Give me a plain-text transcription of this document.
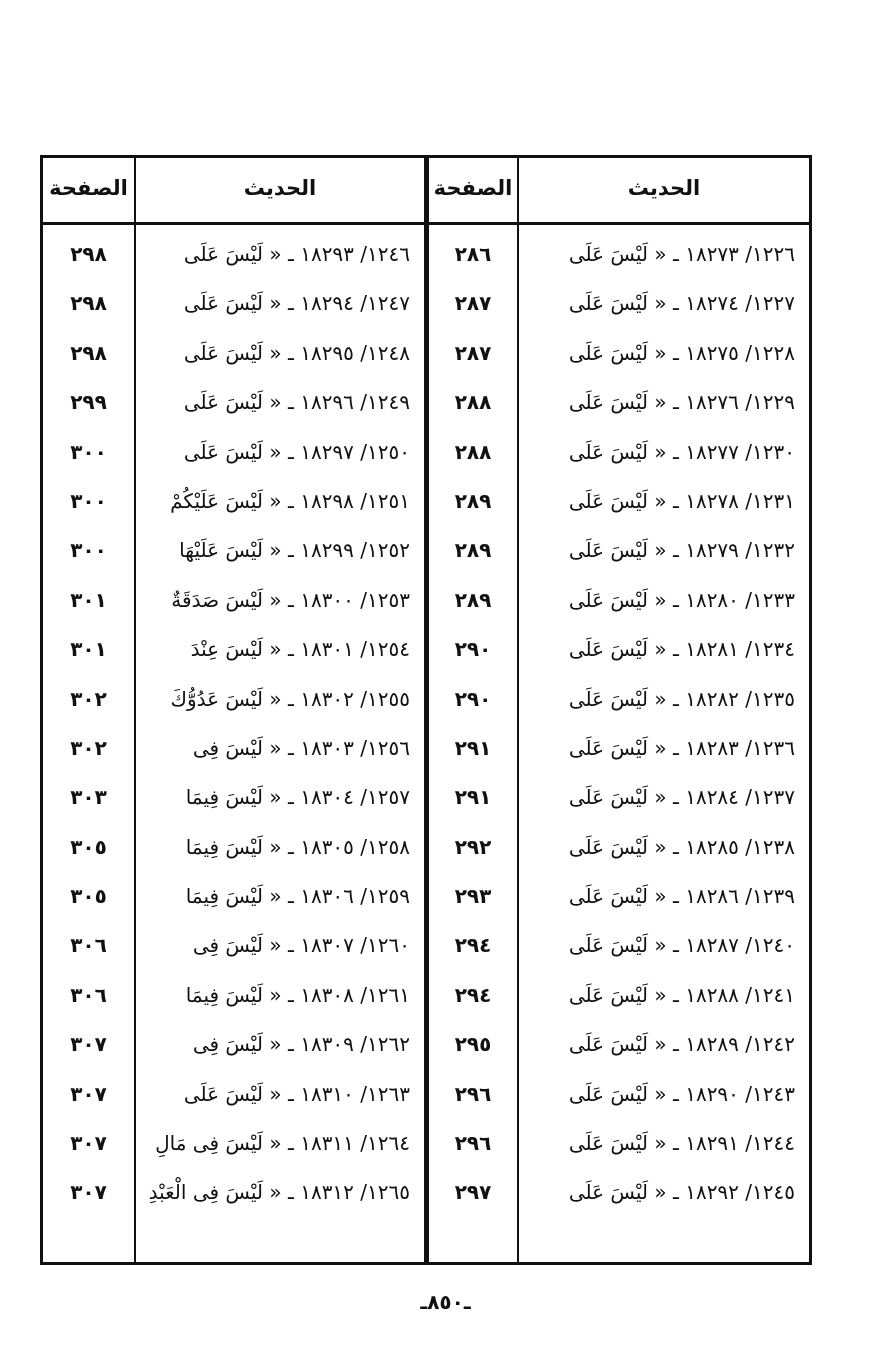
الحديث
١٢٢٦/ ١٨٢٧٣ ـ « لَيْسَ عَلَى
١٢٢٧/ ١٨٢٧٤ ـ « لَيْسَ عَلَى
١٢٢٨/ ١٨٢٧٥ ـ « لَيْسَ عَلَى
١٢٢٩/ ١٨٢٧٦ ـ « لَيْسَ عَلَى
١٢٣٠/ ١٨٢٧٧ ـ « لَيْسَ عَلَى
١٢٣١/ ١٨٢٧٨ ـ « لَيْسَ عَلَى
١٢٣٢/ ١٨٢٧٩ ـ « لَيْسَ عَلَى
١٢٣٣/ ١٨٢٨٠ ـ « لَيْسَ عَلَى
١٢٣٤/ ١٨٢٨١ ـ « لَيْسَ عَلَى
١٢٣٥/ ١٨٢٨٢ ـ « لَيْسَ عَلَى
١٢٣٦/ ١٨٢٨٣ ـ « لَيْسَ عَلَى
١٢٣٧/ ١٨٢٨٤ ـ « لَيْسَ عَلَى
١٢٣٨/ ١٨٢٨٥ ـ « لَيْسَ عَلَى
١٢٣٩/ ١٨٢٨٦ ـ « لَيْسَ عَلَى
١٢٤٠/ ١٨٢٨٧ ـ « لَيْسَ عَلَى
١٢٤١/ ١٨٢٨٨ ـ « لَيْسَ عَلَى
١٢٤٢/ ١٨٢٨٩ ـ « لَيْسَ عَلَى
١٢٤٣/ ١٨٢٩٠ ـ « لَيْسَ عَلَى
١٢٤٤/ ١٨٢٩١ ـ « لَيْسَ عَلَى
١٢٤٥/ ١٨٢٩٢ ـ « لَيْسَ عَلَى
الصفحة
٢٨٦
٢٨٧
٢٨٧
٢٨٨
٢٨٨
٢٨٩
٢٨٩
٢٨٩
٢٩٠
٢٩٠
٢٩١
٢٩١
٢٩٢
٢٩٣
٢٩٤
٢٩٤
٢٩٥
٢٩٦
٢٩٦
٢٩٧
الحديث
١٢٤٦/ ١٨٢٩٣ ـ « لَيْسَ عَلَى
١٢٤٧/ ١٨٢٩٤ ـ « لَيْسَ عَلَى
١٢٤٨/ ١٨٢٩٥ ـ « لَيْسَ عَلَى
١٢٤٩/ ١٨٢٩٦ ـ « لَيْسَ عَلَى
١٢٥٠/ ١٨٢٩٧ ـ « لَيْسَ عَلَى
١٢٥١/ ١٨٢٩٨ ـ « لَيْسَ عَلَيْكُمْ
١٢٥٢/ ١٨٢٩٩ ـ « لَيْسَ عَلَيْهَا
١٢٥٣/ ١٨٣٠٠ ـ « لَيْسَ صَدَقَةٌ
١٢٥٤/ ١٨٣٠١ ـ « لَيْسَ عِنْدَ
١٢٥٥/ ١٨٣٠٢ ـ « لَيْسَ عَدُوُّكَ
١٢٥٦/ ١٨٣٠٣ ـ « لَيْسَ فِى
١٢٥٧/ ١٨٣٠٤ ـ « لَيْسَ فِيمَا
١٢٥٨/ ١٨٣٠٥ ـ « لَيْسَ فِيمَا
١٢٥٩/ ١٨٣٠٦ ـ « لَيْسَ فِيمَا
١٢٦٠/ ١٨٣٠٧ ـ « لَيْسَ فِى
١٢٦١/ ١٨٣٠٨ ـ « لَيْسَ فِيمَا
١٢٦٢/ ١٨٣٠٩ ـ « لَيْسَ فِى
١٢٦٣/ ١٨٣١٠ ـ « لَيْسَ عَلَى
١٢٦٤/ ١٨٣١١ ـ « لَيْسَ فِى مَالِ
١٢٦٥/ ١٨٣١٢ ـ « لَيْسَ فِى الْعَبْدِ
الصفحة
٢٩٨
٢٩٨
٢٩٨
٢٩٩
٣٠٠
٣٠٠
٣٠٠
٣٠١
٣٠١
٣٠٢
٣٠٢
٣٠٣
٣٠٥
٣٠٥
٣٠٦
٣٠٦
٣٠٧
٣٠٧
٣٠٧
٣٠٧
ـ٨٥٠ـ
